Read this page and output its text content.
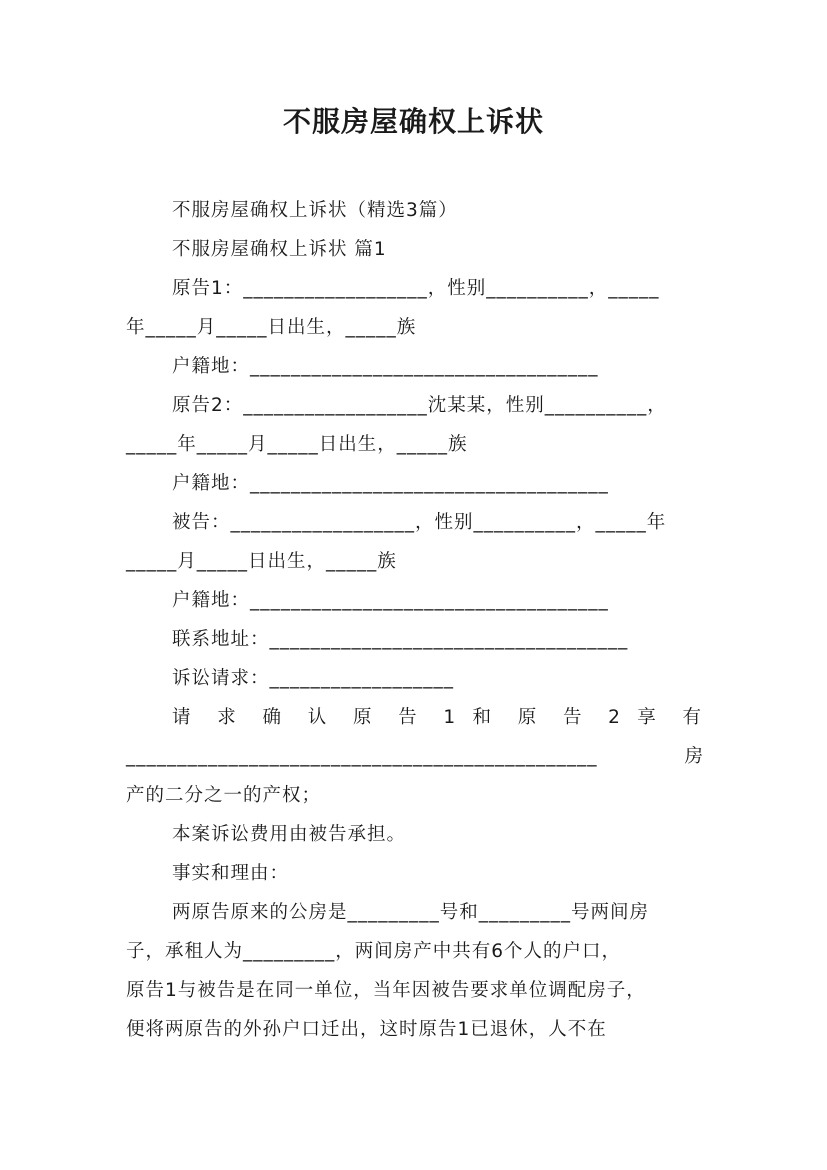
不服房屋确权上诉状
不服房屋确权上诉状（精选3篇）
不服房屋确权上诉状 篇1
原告1：__________________，性别__________，_____
年_____月_____日出生，_____族
户籍地：__________________________________
原告2：__________________沈某某，性别__________，
_____年_____月_____日出生，_____族
户籍地：___________________________________
被告：__________________，性别__________，_____年
_____月_____日出生，_____族
户籍地：___________________________________
联系地址：___________________________________
诉讼请求：__________________
请 求 确 认 原 告 1 和 原 告 2 享 有
______________________________________________ 房
产的二分之一的产权；
本案诉讼费用由被告承担。
事实和理由：
两原告原来的公房是_________号和_________号两间房
子，承租人为_________，两间房产中共有6个人的户口，
原告1与被告是在同一单位，当年因被告要求单位调配房子，
便将两原告的外孙户口迁出，这时原告1已退休，人不在
